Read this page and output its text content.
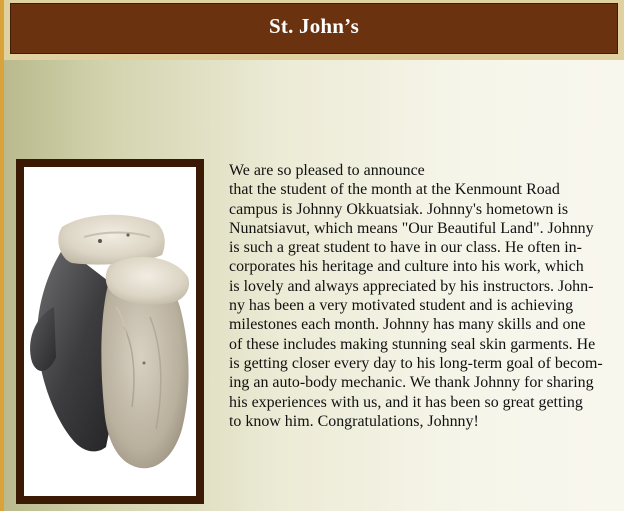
St. John’s

We are so pleased to announce
that the student of the month at the Kenmount Road
campus is Johnny Okkuatsiak. Johnny's hometown is
Nunatsiavut, which means "Our Beautiful Land". Johnny
is such a great student to have in our class. He often in-
corporates his heritage and culture into his work, which
is lovely and always appreciated by his instructors. John-
ny has been a very motivated student and is achieving
milestones each month. Johnny has many skills and one
of these includes making stunning seal skin garments. He
is getting closer every day to his long-term goal of becom-
ing an auto-body mechanic. We thank Johnny for sharing
his experiences with us, and it has been so great getting
to know him. Congratulations, Johnny!
